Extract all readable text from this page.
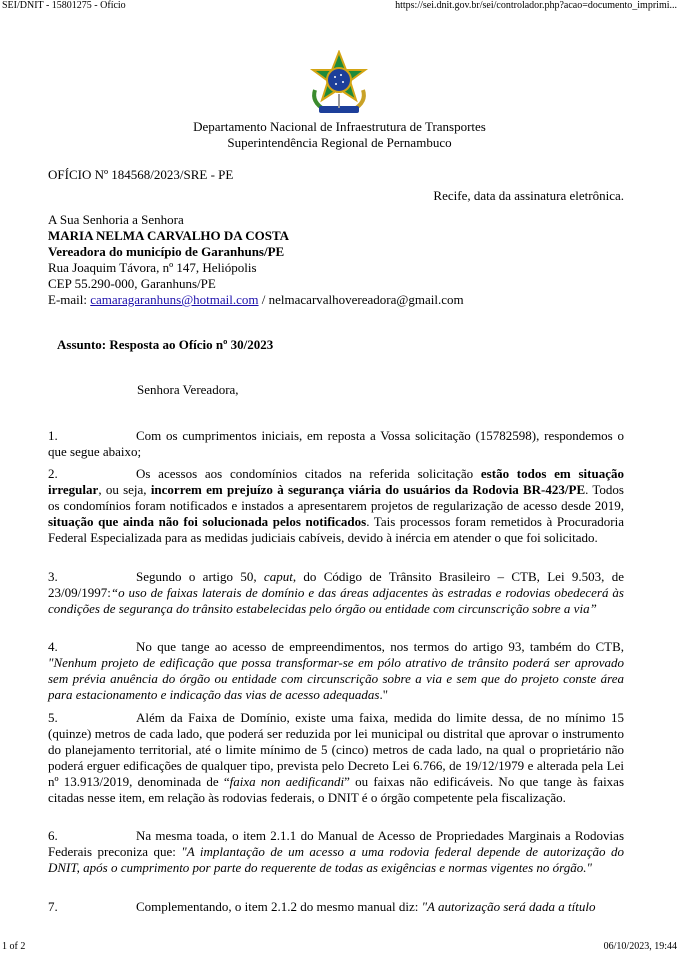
SEI/DNIT - 15801275 - Ofício	https://sei.dnit.gov.br/sei/controlador.php?acao=documento_imprimi...
Departamento Nacional de Infraestrutura de Transportes
Superintendência Regional de Pernambuco
OFÍCIO Nº 184568/2023/SRE - PE
Recife, data da assinatura eletrônica.
A Sua Senhoria a Senhora
MARIA NELMA CARVALHO DA COSTA
Vereadora do município de Garanhuns/PE
Rua Joaquim Távora, nº 147, Heliópolis
CEP 55.290-000, Garanhuns/PE
E-mail: camaragaranhuns@hotmail.com / nelmacarvalhovereadora@gmail.com
Assunto: Resposta ao Ofício nº 30/2023
Senhora Vereadora,
1.	Com os cumprimentos iniciais, em reposta a Vossa solicitação (15782598), respondemos o que segue abaixo;
2.	Os acessos aos condomínios citados na referida solicitação estão todos em situação irregular, ou seja, incorrem em prejuízo à segurança viária do usuários da Rodovia BR-423/PE. Todos os condomínios foram notificados e instados a apresentarem projetos de regularização de acesso desde 2019, situação que ainda não foi solucionada pelos notificados. Tais processos foram remetidos à Procuradoria Federal Especializada para as medidas judiciais cabíveis, devido à inércia em atender o que foi solicitado.
3.	Segundo o artigo 50, caput, do Código de Trânsito Brasileiro – CTB, Lei 9.503, de 23/09/1997:“o uso de faixas laterais de domínio e das áreas adjacentes às estradas e rodovias obedecerá às condições de segurança do trânsito estabelecidas pelo órgão ou entidade com circunscrição sobre a via”
4.	No que tange ao acesso de empreendimentos, nos termos do artigo 93, também do CTB, "Nenhum projeto de edificação que possa transformar-se em pólo atrativo de trânsito poderá ser aprovado sem prévia anuência do órgão ou entidade com circunscrição sobre a via e sem que do projeto conste área para estacionamento e indicação das vias de acesso adequadas."
5.	Além da Faixa de Domínio, existe uma faixa, medida do limite dessa, de no mínimo 15 (quinze) metros de cada lado, que poderá ser reduzida por lei municipal ou distrital que aprovar o instrumento do planejamento territorial, até o limite mínimo de 5 (cinco) metros de cada lado, na qual o proprietário não poderá erguer edificações de qualquer tipo, prevista pelo Decreto Lei 6.766, de 19/12/1979 e alterada pela Lei nº 13.913/2019, denominada de “faixa non aedificandi” ou faixas não edificáveis. No que tange às faixas citadas nesse item, em relação às rodovias federais, o DNIT é o órgão competente pela fiscalização.
6.	Na mesma toada, o item 2.1.1 do Manual de Acesso de Propriedades Marginais a Rodovias Federais preconiza que: "A implantação de um acesso a uma rodovia federal depende de autorização do DNIT, após o cumprimento por parte do requerente de todas as exigências e normas vigentes no órgão."
7.	Complementando, o item 2.1.2 do mesmo manual diz: "A autorização será dada a título
1 of 2	06/10/2023, 19:44
